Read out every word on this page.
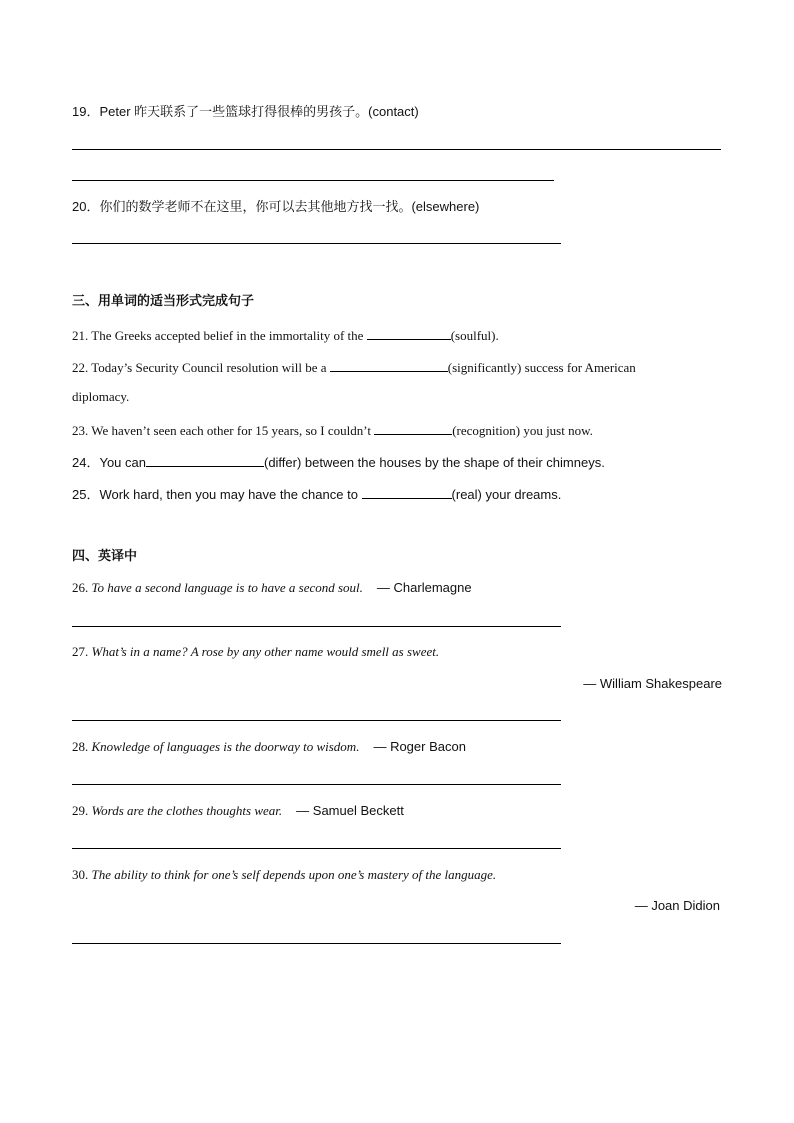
19．Peter 昨天联系了一些篮球打得很棒的男孩子。(contact)
20．你们的数学老师不在这里，你可以去其他地方找一找。(elsewhere)
三、用单词的适当形式完成句子
21. The Greeks accepted belief in the immortality of the	(soulful).
22. Today’s Security Council resolution will be a	(significantly) success for American
diplomacy.
23. We haven’t seen each other for 15 years, so I couldn’t	(recognition) you just now.
24．You can	(differ) between the houses by the shape of their chimneys.
25．Work hard, then you may have the chance to	(real) your dreams.
四、英译中
26. To have a second language is to have a second soul. — Charlemagne
27. What’s in a name? A rose by any other name would smell as sweet.
— William Shakespeare
28. Knowledge of languages is the doorway to wisdom. — Roger Bacon
29. Words are the clothes thoughts wear. — Samuel Beckett
30. The ability to think for one’s self depends upon one’s mastery of the language.
— Joan Didion
